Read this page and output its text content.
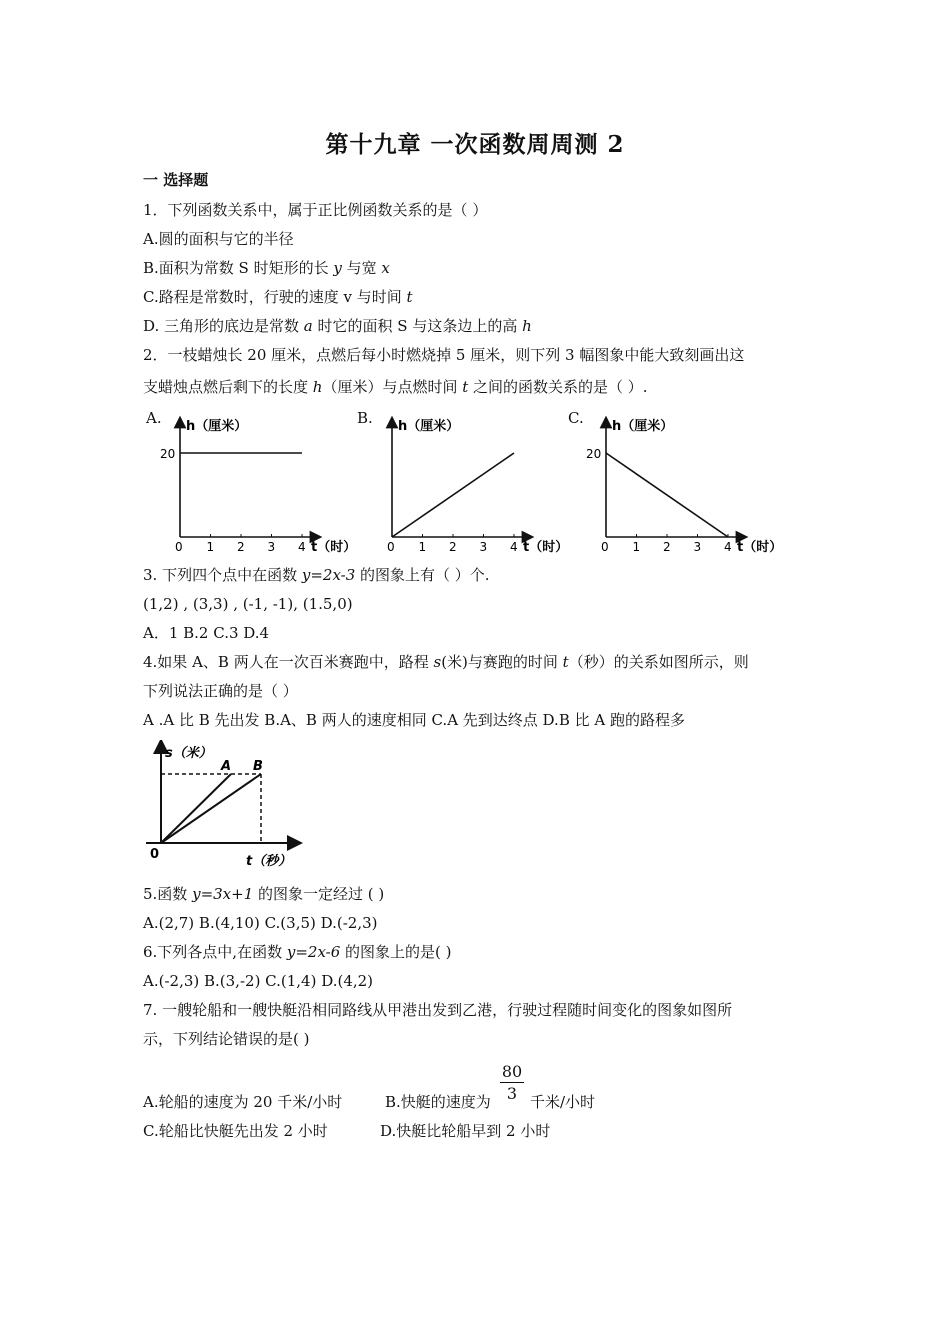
第十九章 一次函数周周测 2
一 选择题
1．下列函数关系中，属于正比例函数关系的是（ ）
A.圆的面积与它的半径
B.面积为常数 S 时矩形的长 y 与宽 x
C.路程是常数时，行驶的速度 v 与时间 t
D. 三角形的底边是常数 a 时它的面积 S 与这条边上的高 h
2．一枝蜡烛长 20 厘米，点燃后每小时燃烧掉 5 厘米，则下列 3 幅图象中能大致刻画出这
支蜡烛点燃后剩下的长度 h（厘米）与点燃时间 t 之间的函数关系的是（ ）.
A.	B.	C.
h（厘米）
t（时）
0 1 2 3 4
20
h（厘米）
t（时）
0 1 2 3 4
h（厘米）
t（时）
0 1 2 3 4
20
3. 下列四个点中在函数 y=2x-3 的图象上有（ ）个.
(1,2) , (3,3) , (-1, -1), (1.5,0)
A．1 B.2 C.3 D.4
4.如果 A、B 两人在一次百米赛跑中，路程 s(米)与赛跑的时间 t（秒）的关系如图所示，则
下列说法正确的是（ ）
A .A 比 B 先出发 B.A、B 两人的速度相同 C.A 先到达终点 D.B 比 A 跑的路程多
s（米）
A B
0	t（秒）
5.函数 y=3x+1 的图象一定经过 ( )
A.(2,7) B.(4,10) C.(3,5) D.(-2,3)
6.下列各点中,在函数 y=2x-6 的图象上的是( )
A.(-2,3) B.(3,-2) C.(1,4) D.(4,2)
7. 一艘轮船和一艘快艇沿相同路线从甲港出发到乙港，行驶过程随时间变化的图象如图所
示，下列结论错误的是( )
A.轮船的速度为 20 千米/小时	B.快艇的速度为
80
3 千米/小时
C.轮船比快艇先出发 2 小时	D.快艇比轮船早到 2 小时
